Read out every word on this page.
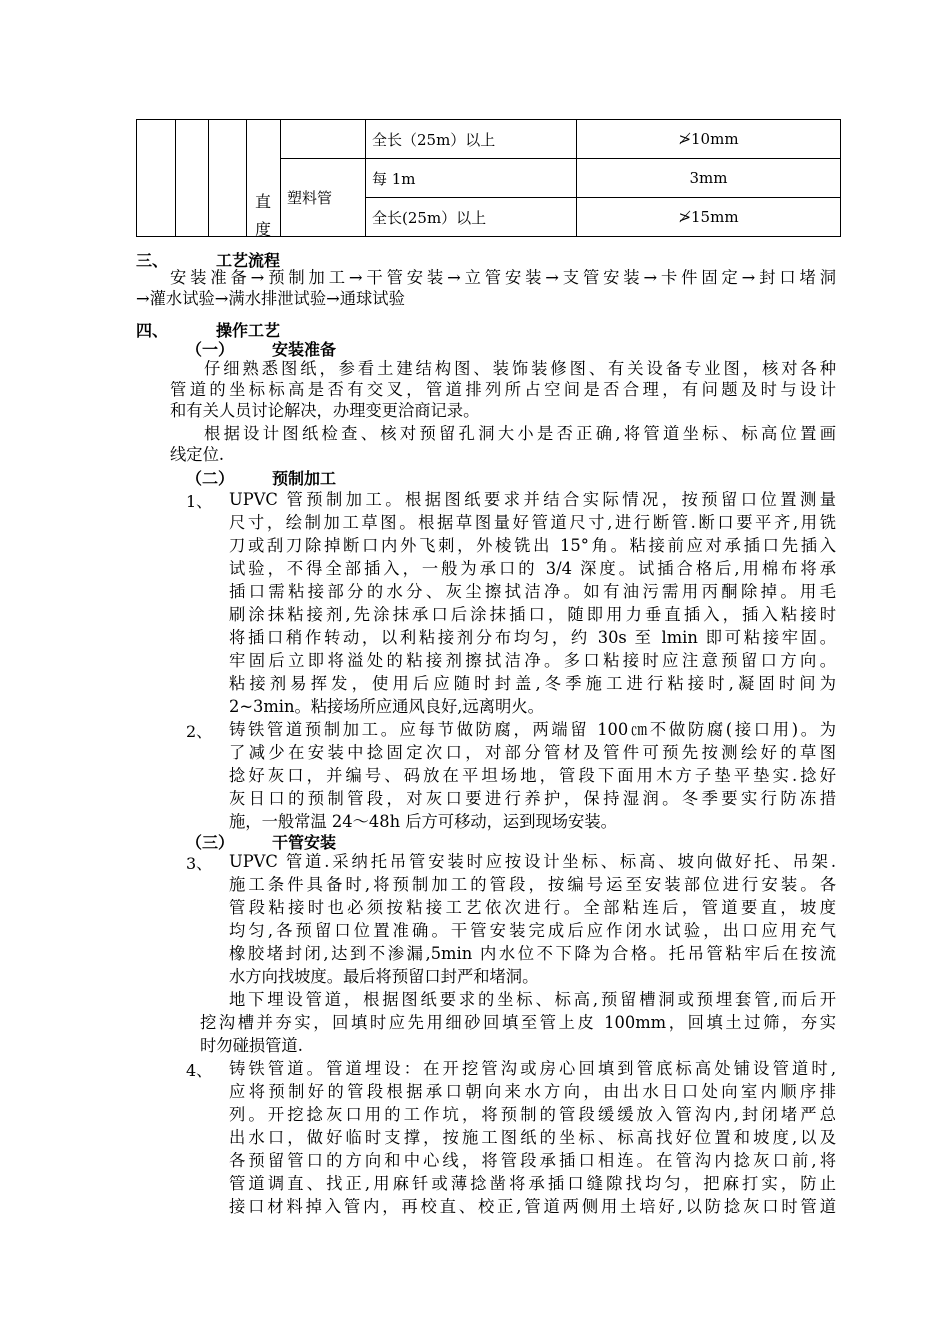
					全长（25m）以上	≯10mm
				塑料管	每 1m	3mm
					全长(25m）以上	≯15mm
直度
三、	工艺流程
安装准备→预制加工→干管安装→立管安装→支管安装→卡件固定→封口堵洞
→灌水试验→满水排泄试验→通球试验
四、	操作工艺
（一） 安装准备
仔细熟悉图纸，参看土建结构图、装饰装修图、有关设备专业图，核对各种
管道的坐标标高是否有交叉，管道排列所占空间是否合理，有问题及时与设计
和有关人员讨论解决，办理变更洽商记录。
根据设计图纸检查、核对预留孔洞大小是否正确,将管道坐标、标高位置画
线定位.
（二） 预制加工
1、 UPVC 管预制加工。根据图纸要求并结合实际情况，按预留口位置测量
尺寸，绘制加工草图。根据草图量好管道尺寸,进行断管.断口要平齐,用铣
刀或刮刀除掉断口内外飞刺，外棱铣出 15°角。粘接前应对承插口先插入
试验，不得全部插入，一般为承口的 3/4 深度。试插合格后,用棉布将承
插口需粘接部分的水分、灰尘擦拭洁净。如有油污需用丙酮除掉。用毛
刷涂抹粘接剂,先涂抹承口后涂抹插口，随即用力垂直插入，插入粘接时
将插口稍作转动，以利粘接剂分布均匀，约 30s 至 lmin 即可粘接牢固。
牢固后立即将溢处的粘接剂擦拭洁净。多口粘接时应注意预留口方向。
粘接剂易挥发，使用后应随时封盖,冬季施工进行粘接时,凝固时间为
2~3min。粘接场所应通风良好,远离明火。
2、 铸铁管道预制加工。应每节做防腐，两端留 100㎝不做防腐(接口用)。为
了减少在安装中捻固定次口，对部分管材及管件可预先按测绘好的草图
捻好灰口，并编号、码放在平坦场地，管段下面用木方子垫平垫实.捻好
灰日口的预制管段，对灰口要进行养护，保持湿润。冬季要实行防冻措
施，一般常温 24～48h 后方可移动，运到现场安装。
（三） 干管安装
3、 UPVC 管道.采纳托吊管安装时应按设计坐标、标高、坡向做好托、吊架.
施工条件具备时,将预制加工的管段，按编号运至安装部位进行安装。各
管段粘接时也必须按粘接工艺依次进行。全部粘连后，管道要直，坡度
均匀,各预留口位置准确。干管安装完成后应作闭水试验，出口应用充气
橡胶堵封闭,达到不渗漏,5min 内水位不下降为合格。托吊管粘牢后在按流
水方向找坡度。最后将预留口封严和堵洞。
地下埋设管道，根据图纸要求的坐标、标高,预留槽洞或预埋套管,而后开
挖沟槽并夯实，回填时应先用细砂回填至管上皮 100mm，回填土过筛，夯实
时勿碰损管道.
4、 铸铁管道。管道埋设：在开挖管沟或房心回填到管底标高处铺设管道时,
应将预制好的管段根据承口朝向来水方向，由出水日口处向室内顺序排
列。开挖捻灰口用的工作坑，将预制的管段缓缓放入管沟内,封闭堵严总
出水口，做好临时支撑，按施工图纸的坐标、标高找好位置和坡度,以及
各预留管口的方向和中心线，将管段承插口相连。在管沟内捻灰口前,将
管道调直、找正,用麻钎或薄捻凿将承插口缝隙找均匀，把麻打实，防止
接口材料掉入管内，再校直、校正,管道两侧用土培好,以防捻灰口时管道
